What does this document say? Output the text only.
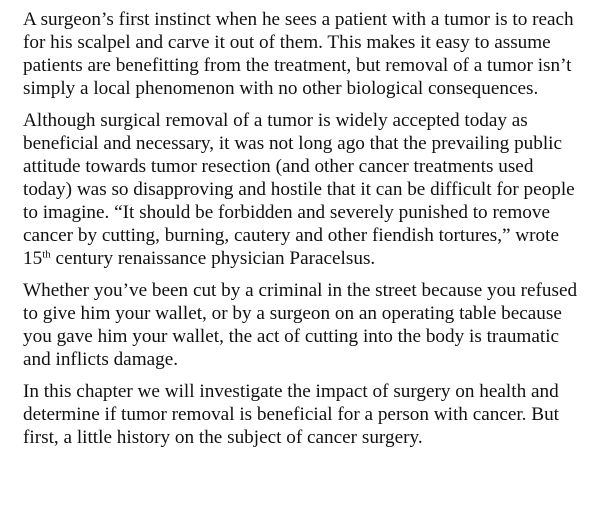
A surgeon’s first instinct when he sees a patient with a tumor is to reach for his scalpel and carve it out of them. This makes it easy to assume patients are benefitting from the treatment, but removal of a tumor isn’t simply a local phenomenon with no other biological consequences.

Although surgical removal of a tumor is widely accepted today as beneficial and necessary, it was not long ago that the prevailing public attitude towards tumor resection (and other cancer treatments used today) was so disapproving and hostile that it can be difficult for people to imagine. “It should be forbidden and severely punished to remove cancer by cutting, burning, cautery and other fiendish tortures,” wrote 15th century renaissance physician Paracelsus.

Whether you’ve been cut by a criminal in the street because you refused to give him your wallet, or by a surgeon on an operating table because you gave him your wallet, the act of cutting into the body is traumatic and inflicts damage.

In this chapter we will investigate the impact of surgery on health and determine if tumor removal is beneficial for a person with cancer. But first, a little history on the subject of cancer surgery.
